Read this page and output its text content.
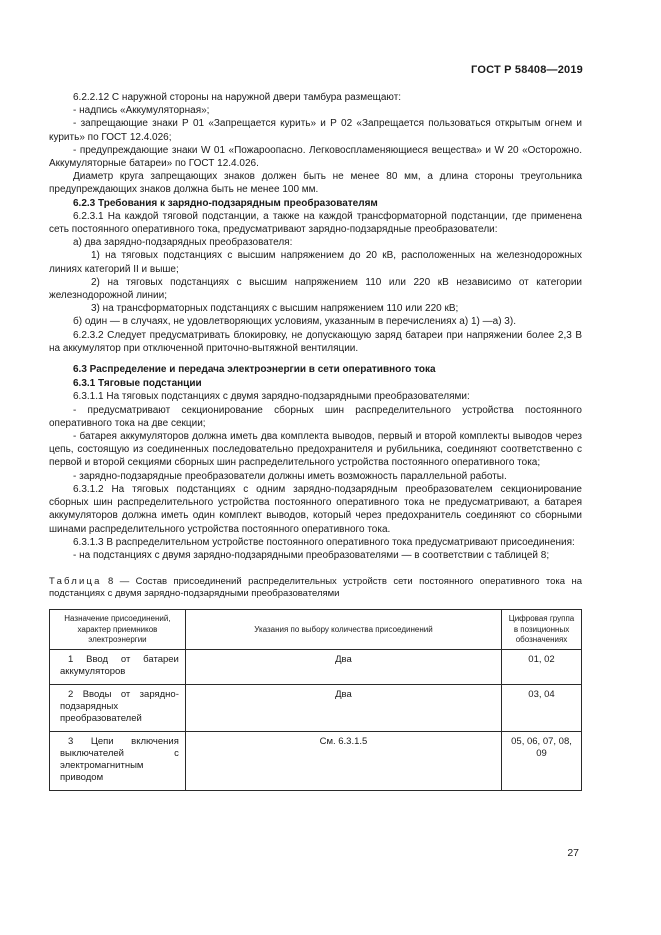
ГОСТ Р 58408—2019

6.2.2.12 С наружной стороны на наружной двери тамбура размещают:

- надпись «Аккумуляторная»;

- запрещающие знаки Р 01 «Запрещается курить» и Р 02 «Запрещается пользоваться открытым огнем и курить» по ГОСТ 12.4.026;

- предупреждающие знаки W 01 «Пожароопасно. Легковоспламеняющиеся вещества» и W 20 «Осторожно. Аккумуляторные батареи» по ГОСТ 12.4.026.

Диаметр круга запрещающих знаков должен быть не менее 80 мм, а длина стороны треугольника предупреждающих знаков должна быть не менее 100 мм.

6.2.3 Требования к зарядно-подзарядным преобразователям

6.2.3.1 На каждой тяговой подстанции, а также на каждой трансформаторной подстанции, где применена сеть постоянного оперативного тока, предусматривают зарядно-подзарядные преобразователи:

а) два зарядно-подзарядных преобразователя:

1) на тяговых подстанциях с высшим напряжением до 20 кВ, расположенных на железнодорожных линиях категорий II и выше;

2) на тяговых подстанциях с высшим напряжением 110 или 220 кВ независимо от категории железнодорожной линии;

3) на трансформаторных подстанциях с высшим напряжением 110 или 220 кВ;

б) один — в случаях, не удовлетворяющих условиям, указанным в перечислениях а) 1) —а) 3).

6.2.3.2 Следует предусматривать блокировку, не допускающую заряд батареи при напряжении более 2,3 В на аккумулятор при отключенной приточно-вытяжной вентиляции.

6.3 Распределение и передача электроэнергии в сети оперативного тока

6.3.1 Тяговые подстанции

6.3.1.1 На тяговых подстанциях с двумя зарядно-подзарядными преобразователями:

- предусматривают секционирование сборных шин распределительного устройства постоянного оперативного тока на две секции;

- батарея аккумуляторов должна иметь два комплекта выводов, первый и второй комплекты выводов через цепь, состоящую из соединенных последовательно предохранителя и рубильника, соединяют соответственно с первой и второй секциями сборных шин распределительного устройства постоянного оперативного тока;

- зарядно-подзарядные преобразователи должны иметь возможность параллельной работы.

6.3.1.2 На тяговых подстанциях с одним зарядно-подзарядным преобразователем секционирование сборных шин распределительного устройства постоянного оперативного тока не предусматривают, а батарея аккумуляторов должна иметь один комплект выводов, который через предохранитель соединяют со сборными шинами распределительного устройства постоянного оперативного тока.

6.3.1.3 В распределительном устройстве постоянного оперативного тока предусматривают присоединения:

- на подстанциях с двумя зарядно-подзарядными преобразователями — в соответствии с таблицей 8;

Таблица 8 — Состав присоединений распределительных устройств сети постоянного оперативного тока на подстанциях с двумя зарядно-подзарядными преобразователями

Назначение присоединений, характер приемников электроэнергии	Указания по выбору количества присоединений	Цифровая группа в позиционных обозначениях
1 Ввод от батареи аккумуляторов	Два	01, 02
2 Вводы от зарядно-подзарядных преобразователей	Два	03, 04
3 Цепи включения выключателей с электромагнитным приводом	См. 6.3.1.5	05, 06, 07, 08, 09
27
